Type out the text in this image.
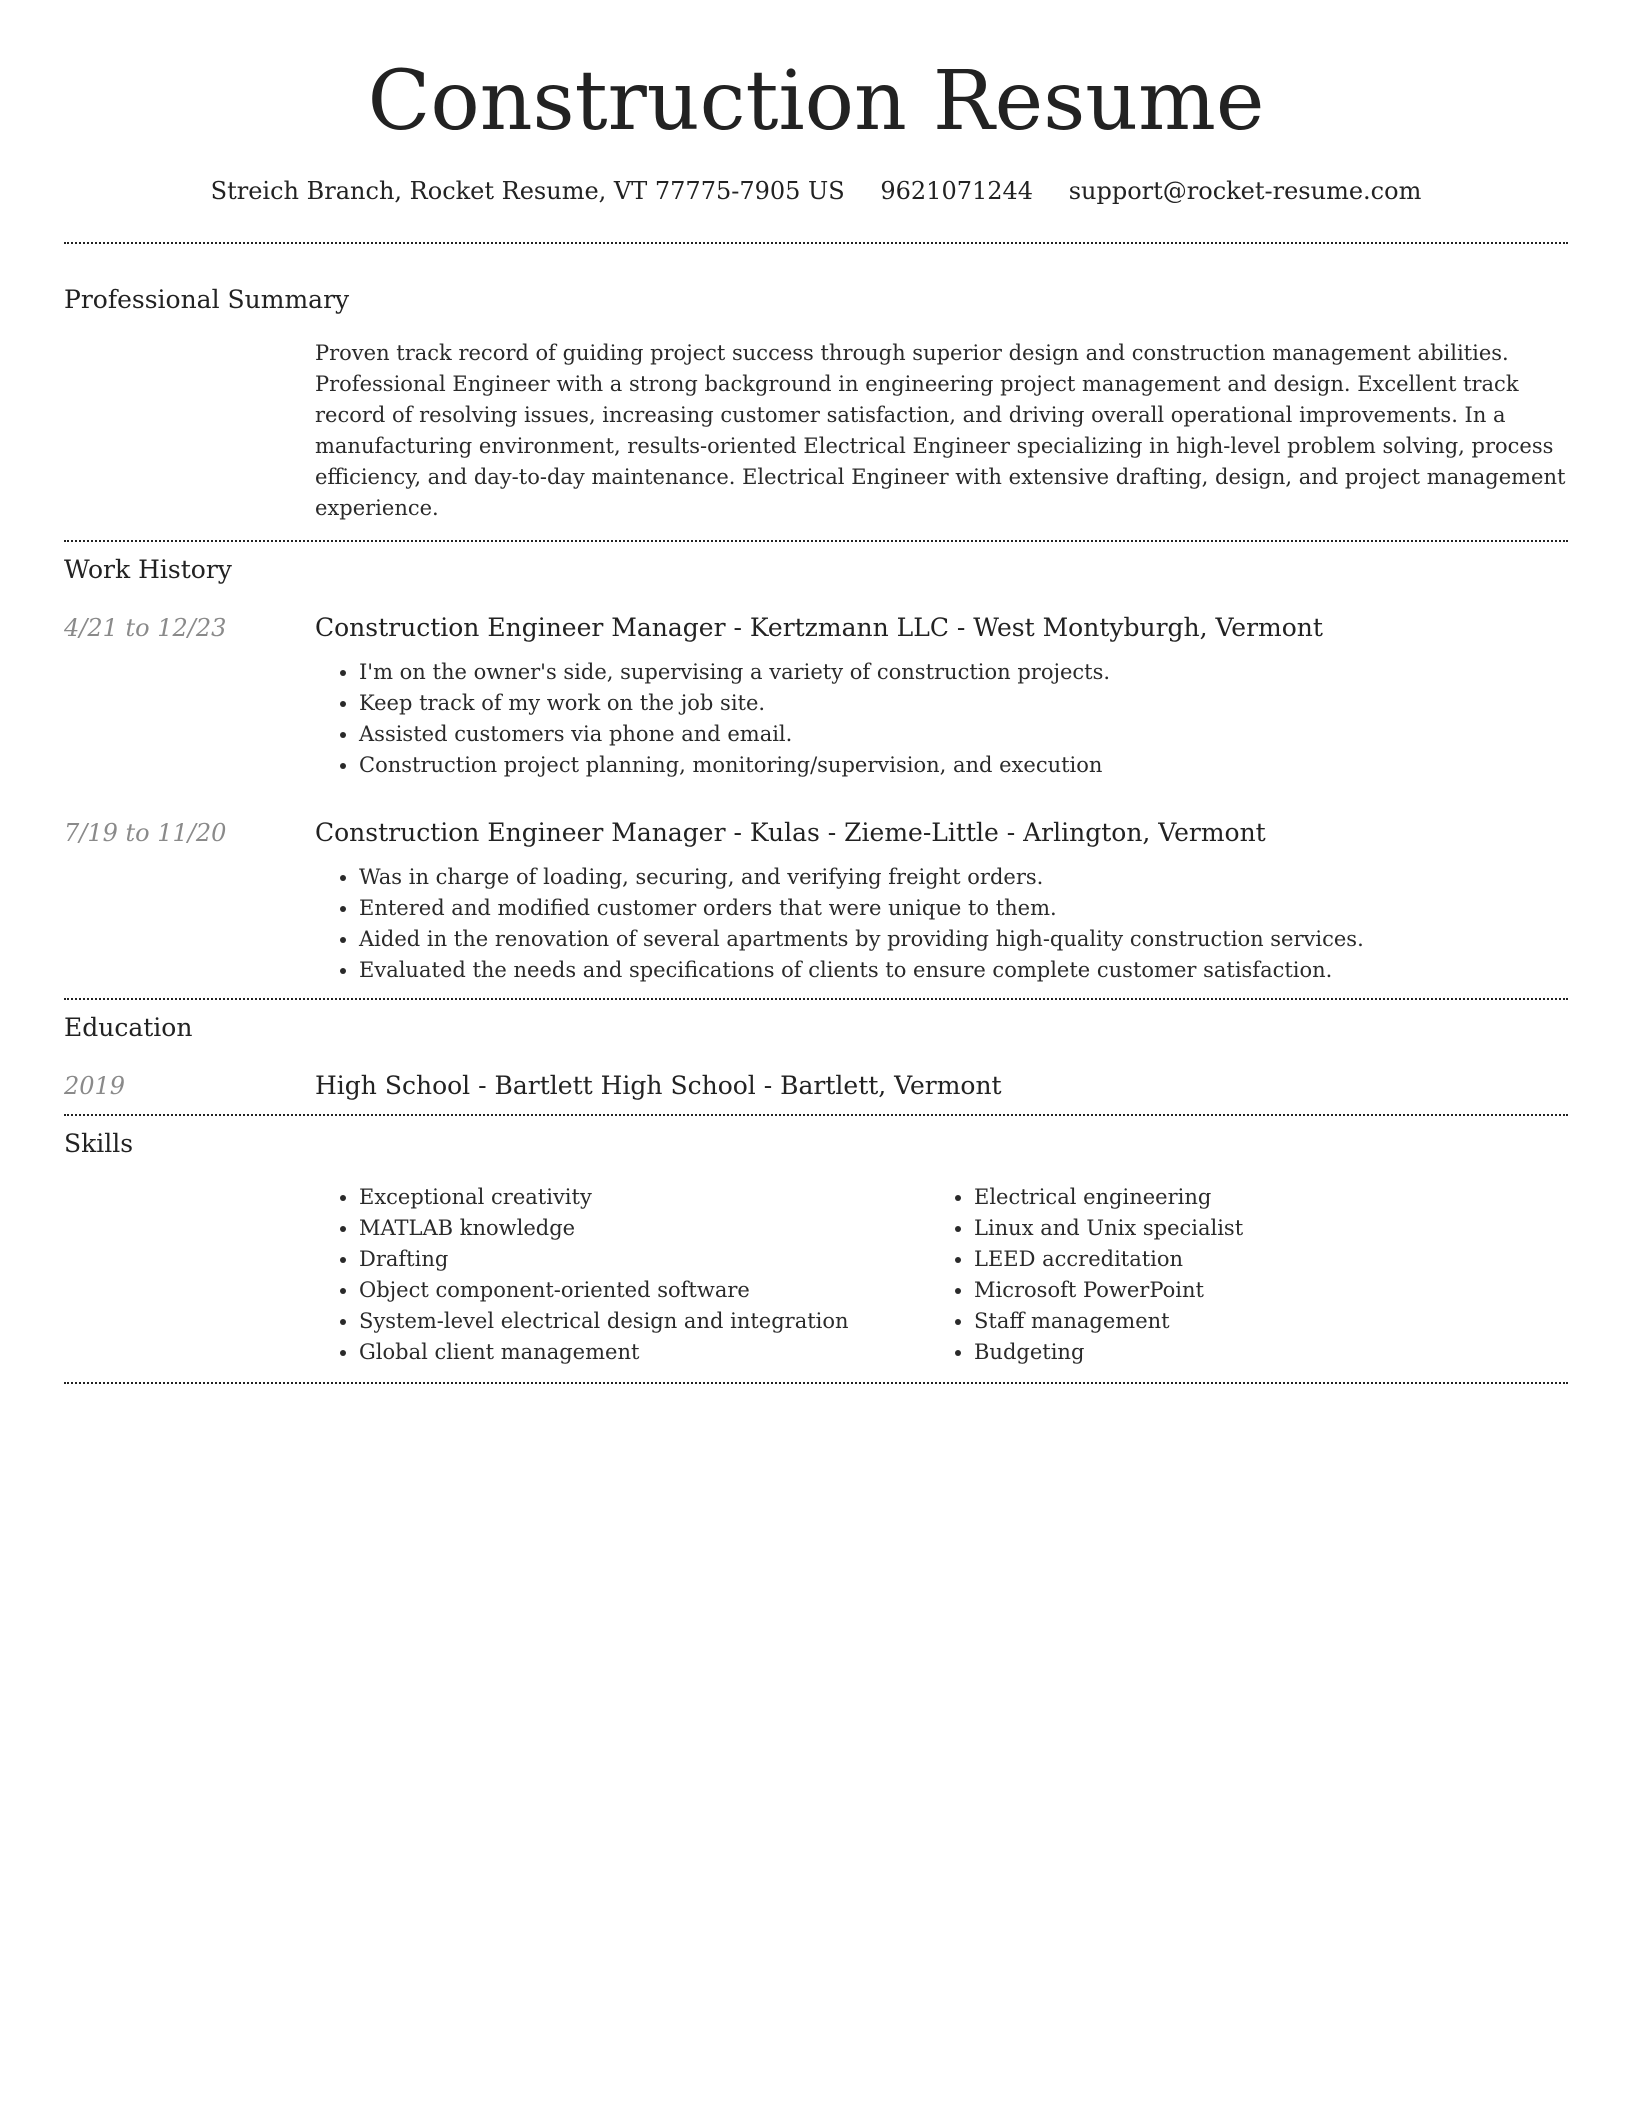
Construction Resume
Streich Branch, Rocket Resume, VT 77775-7905 US 9621071244 support@rocket-resume.com
Professional Summary

Proven track record of guiding project success through superior design and construction management abilities. Professional Engineer with a strong background in engineering project management and design. Excellent track record of resolving issues, increasing customer satisfaction, and driving overall operational improvements. In a manufacturing environment, results-oriented Electrical Engineer specializing in high-level problem solving, process efficiency, and day-to-day maintenance. Electrical Engineer with extensive drafting, design, and project management experience.

Work History
4/21 to 12/23	Construction Engineer Manager - Kertzmann LLC - West Montyburgh, Vermont
• I'm on the owner's side, supervising a variety of construction projects.
• Keep track of my work on the job site.
• Assisted customers via phone and email.
• Construction project planning, monitoring/supervision, and execution
7/19 to 11/20	Construction Engineer Manager - Kulas - Zieme-Little - Arlington, Vermont
• Was in charge of loading, securing, and verifying freight orders.
• Entered and modified customer orders that were unique to them.
• Aided in the renovation of several apartments by providing high-quality construction services.
• Evaluated the needs and specifications of clients to ensure complete customer satisfaction.
Education
2019	High School - Bartlett High School - Bartlett, Vermont
Skills
• Exceptional creativity
• MATLAB knowledge
• Drafting
• Object component-oriented software
• System-level electrical design and integration
• Global client management
• Electrical engineering
• Linux and Unix specialist
• LEED accreditation
• Microsoft PowerPoint
• Staff management
• Budgeting
